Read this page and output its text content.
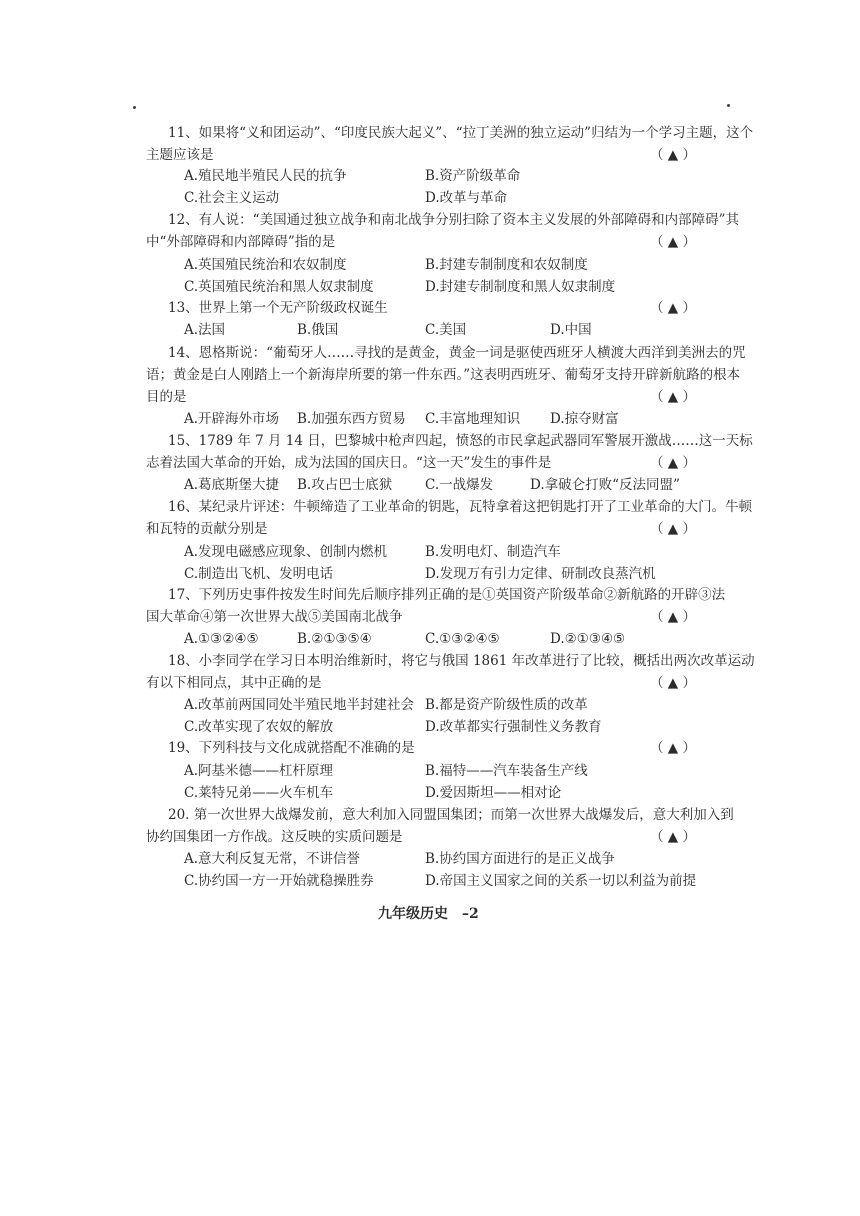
11、如果将“义和团运动”、“印度民族大起义”、“拉丁美洲的独立运动”归结为一个学习主题，这个
主题应该是	（ ▲ ）
A.殖民地半殖民人民的抗争	B.资产阶级革命
C.社会主义运动	D.改革与革命
12、有人说：“美国通过独立战争和南北战争分别扫除了资本主义发展的外部障碍和内部障碍”其
中“外部障碍和内部障碍”指的是	（ ▲ ）
A.英国殖民统治和农奴制度	B.封建专制制度和农奴制度
C.英国殖民统治和黑人奴隶制度	D.封建专制制度和黑人奴隶制度
13、世界上第一个无产阶级政权诞生	（ ▲ ）
A.法国	B.俄国	C.美国	D.中国
14、恩格斯说：“葡萄牙人……寻找的是黄金，黄金一词是驱使西班牙人横渡大西洋到美洲去的咒
语；黄金是白人刚踏上一个新海岸所要的第一件东西。”这表明西班牙、葡萄牙支持开辟新航路的根本
目的是	（ ▲ ）
A.开辟海外市场 B.加强东西方贸易 C.丰富地理知识 D.掠夺财富
15、1789 年 7 月 14 日，巴黎城中枪声四起，愤怒的市民拿起武器同军警展开激战……这一天标
志着法国大革命的开始，成为法国的国庆日。“这一天”发生的事件是	（ ▲ ）
A.葛底斯堡大捷 B.攻占巴士底狱 C.一战爆发	D.拿破仑打败“反法同盟”
16、某纪录片评述：牛顿缔造了工业革命的钥匙，瓦特拿着这把钥匙打开了工业革命的大门。牛顿
和瓦特的贡献分别是	（ ▲ ）
A.发现电磁感应现象、创制内燃机	B.发明电灯、制造汽车
C.制造出飞机、发明电话	D.发现万有引力定律、研制改良蒸汽机
17、下列历史事件按发生时间先后顺序排列正确的是①英国资产阶级革命②新航路的开辟③法
国大革命④第一次世界大战⑤美国南北战争	（ ▲ ）
A.①③②④⑤	B.②①③⑤④	C.①③②④⑤	D.②①③④⑤
18、小李同学在学习日本明治维新时，将它与俄国 1861 年改革进行了比较，概括出两次改革运动
有以下相同点，其中正确的是	（ ▲ ）
A.改革前两国同处半殖民地半封建社会 B.都是资产阶级性质的改革
C.改革实现了农奴的解放	D.改革都实行强制性义务教育
19、下列科技与文化成就搭配不准确的是	（ ▲ ）
A.阿基米德——杠杆原理	B.福特——汽车装备生产线
C.莱特兄弟——火车机车	D.爱因斯坦——相对论
20. 第一次世界大战爆发前，意大利加入同盟国集团；而第一次世界大战爆发后，意大利加入到
协约国集团一方作战。这反映的实质问题是	（ ▲ ）
A.意大利反复无常，不讲信誉	B.协约国方面进行的是正义战争
C.协约国一方一开始就稳操胜券	D.帝国主义国家之间的关系一切以利益为前提
九年级历史　–2
